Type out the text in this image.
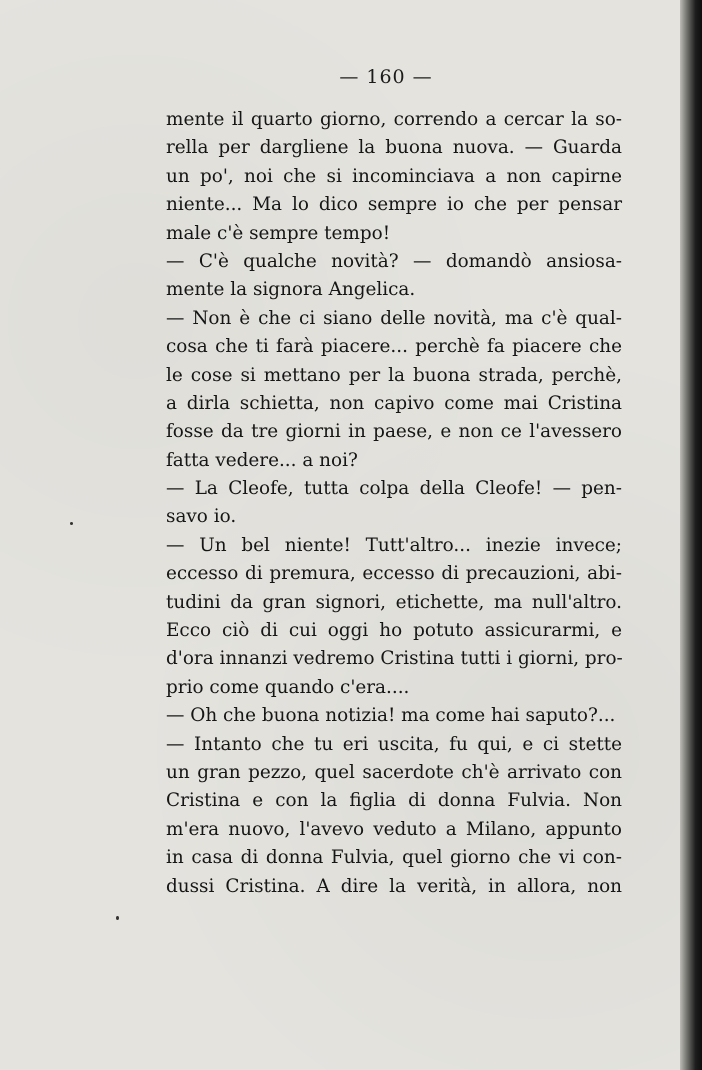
— 160 —
mente il quarto giorno, correndo a cercar la so-
rella per dargliene la buona nuova. — Guarda
un po', noi che si incominciava a non capirne
niente... Ma lo dico sempre io che per pensar
male c'è sempre tempo!
— C'è qualche novità? — domandò ansiosa-
mente la signora Angelica.
— Non è che ci siano delle novità, ma c'è qual-
cosa che ti farà piacere... perchè fa piacere che
le cose si mettano per la buona strada, perchè,
a dirla schietta, non capivo come mai Cristina
fosse da tre giorni in paese, e non ce l'avessero
fatta vedere... a noi?
— La Cleofe, tutta colpa della Cleofe! — pen-
savo io.
— Un bel niente! Tutt'altro... inezie invece;
eccesso di premura, eccesso di precauzioni, abi-
tudini da gran signori, etichette, ma null'altro.
Ecco ciò di cui oggi ho potuto assicurarmi, e
d'ora innanzi vedremo Cristina tutti i giorni, pro-
prio come quando c'era....
— Oh che buona notizia! ma come hai saputo?...
— Intanto che tu eri uscita, fu qui, e ci stette
un gran pezzo, quel sacerdote ch'è arrivato con
Cristina e con la figlia di donna Fulvia. Non
m'era nuovo, l'avevo veduto a Milano, appunto
in casa di donna Fulvia, quel giorno che vi con-
dussi Cristina. A dire la verità, in allora, non
